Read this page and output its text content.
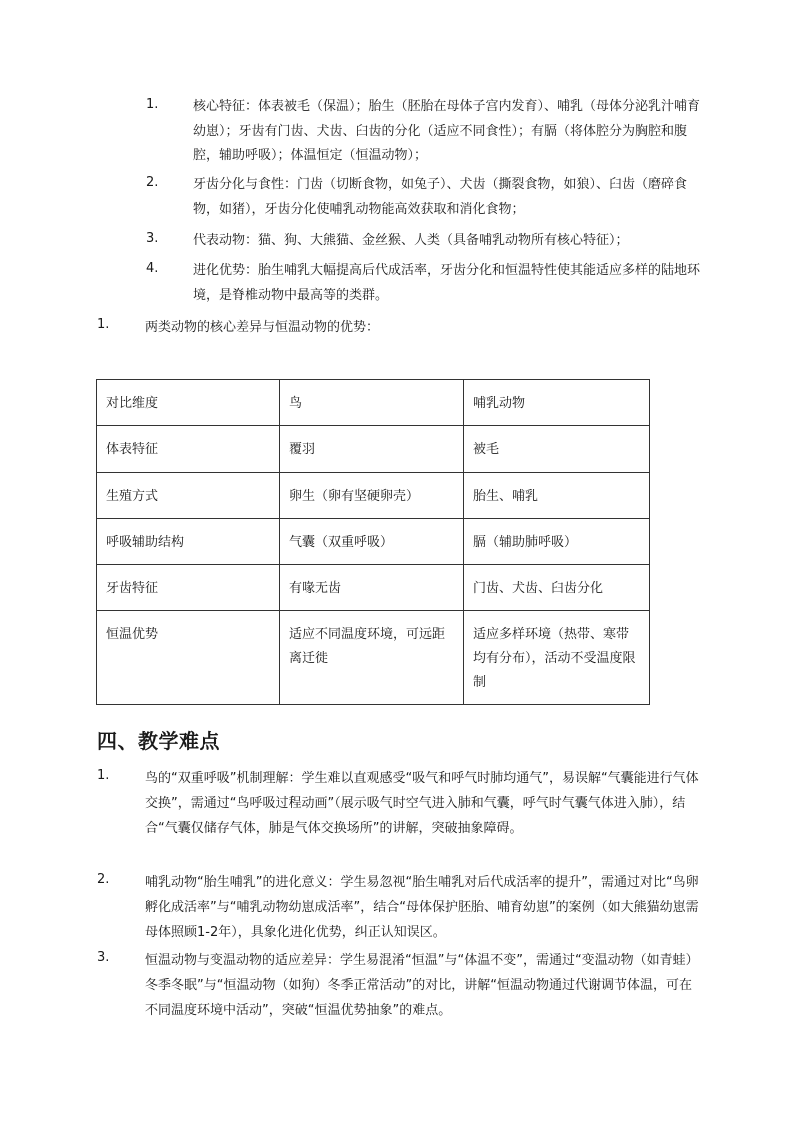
1.	核心特征：体表被毛（保温）；胎生（胚胎在母体子宫内发育）、哺乳（母体分泌乳汁哺育幼崽）；牙齿有门齿、犬齿、臼齿的分化（适应不同食性）；有膈（将体腔分为胸腔和腹腔，辅助呼吸）；体温恒定（恒温动物）；
2.	牙齿分化与食性：门齿（切断食物，如兔子）、犬齿（撕裂食物，如狼）、臼齿（磨碎食物，如猪），牙齿分化使哺乳动物能高效获取和消化食物；
3.	代表动物：猫、狗、大熊猫、金丝猴、人类（具备哺乳动物所有核心特征）；
4.	进化优势：胎生哺乳大幅提高后代成活率，牙齿分化和恒温特性使其能适应多样的陆地环境，是脊椎动物中最高等的类群。
1.	两类动物的核心差异与恒温动物的优势：
对比维度	鸟	哺乳动物
体表特征	覆羽	被毛
生殖方式	卵生（卵有坚硬卵壳）	胎生、哺乳
呼吸辅助结构	气囊（双重呼吸）	膈（辅助肺呼吸）
牙齿特征	有喙无齿	门齿、犬齿、臼齿分化
恒温优势	适应不同温度环境，可远距离迁徙	适应多样环境（热带、寒带均有分布），活动不受温度限制
四、教学难点
1.	鸟的“双重呼吸”机制理解：学生难以直观感受“吸气和呼气时肺均通气”，易误解“气囊能进行气体交换”，需通过“鸟呼吸过程动画”（展示吸气时空气进入肺和气囊，呼气时气囊气体进入肺），结合“气囊仅储存气体，肺是气体交换场所”的讲解，突破抽象障碍。
2.	哺乳动物“胎生哺乳”的进化意义：学生易忽视“胎生哺乳对后代成活率的提升”，需通过对比“鸟卵孵化成活率”与“哺乳动物幼崽成活率”，结合“母体保护胚胎、哺育幼崽”的案例（如大熊猫幼崽需母体照顾1-2年），具象化进化优势，纠正认知误区。
3.	恒温动物与变温动物的适应差异：学生易混淆“恒温”与“体温不变”，需通过“变温动物（如青蛙）冬季冬眠”与“恒温动物（如狗）冬季正常活动”的对比，讲解“恒温动物通过代谢调节体温，可在不同温度环境中活动”，突破“恒温优势抽象”的难点。
